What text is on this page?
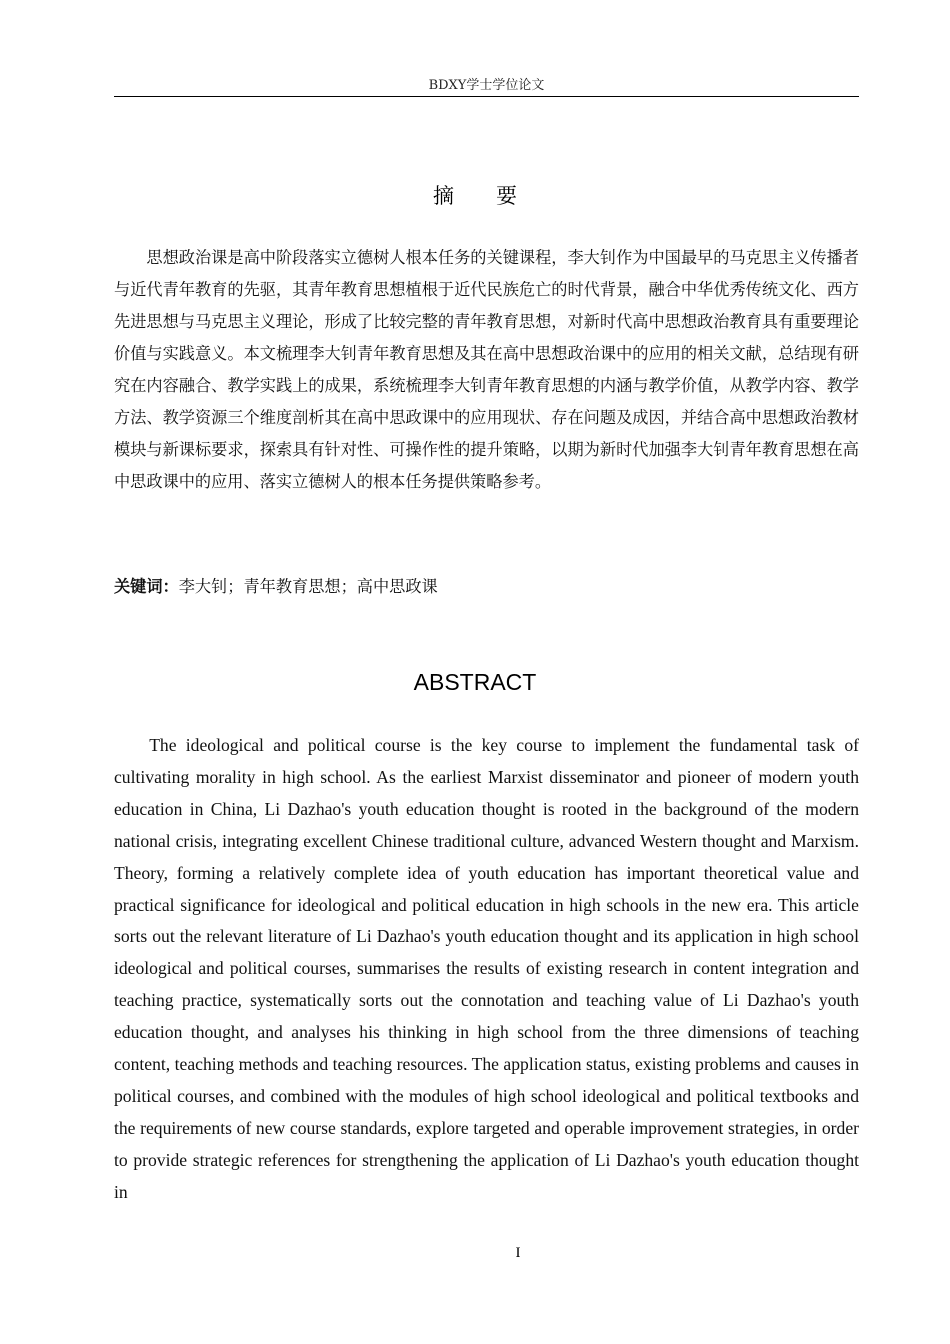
BDXY学士学位论文
摘要

思想政治课是高中阶段落实立德树人根本任务的关键课程，李大钊作为中国最早的马克思主义传播者与近代青年教育的先驱，其青年教育思想植根于近代民族危亡的时代背景，融合中华优秀传统文化、西方先进思想与马克思主义理论，形成了比较完整的青年教育思想，对新时代高中思想政治教育具有重要理论价值与实践意义。本文梳理李大钊青年教育思想及其在高中思想政治课中的应用的相关文献，总结现有研究在内容融合、教学实践上的成果，系统梳理李大钊青年教育思想的内涵与教学价值，从教学内容、教学方法、教学资源三个维度剖析其在高中思政课中的应用现状、存在问题及成因，并结合高中思想政治教材模块与新课标要求，探索具有针对性、可操作性的提升策略，以期为新时代加强李大钊青年教育思想在高中思政课中的应用、落实立德树人的根本任务提供策略参考。

关键词：李大钊；青年教育思想；高中思政课
ABSTRACT

The ideological and political course is the key course to implement the fundamental task of cultivating morality in high school. As the earliest Marxist disseminator and pioneer of modern youth education in China, Li Dazhao's youth education thought is rooted in the background of the modern national crisis, integrating excellent Chinese traditional culture, advanced Western thought and Marxism. Theory, forming a relatively complete idea of youth education has important theoretical value and practical significance for ideological and political education in high schools in the new era. This article sorts out the relevant literature of Li Dazhao's youth education thought and its application in high school ideological and political courses, summarises the results of existing research in content integration and teaching practice, systematically sorts out the connotation and teaching value of Li Dazhao's youth education thought, and analyses his thinking in high school from the three dimensions of teaching content, teaching methods and teaching resources. The application status, existing problems and causes in political courses, and combined with the modules of high school ideological and political textbooks and the requirements of new course standards, explore targeted and operable improvement strategies, in order to provide strategic references for strengthening the application of Li Dazhao's youth education thought in

I
